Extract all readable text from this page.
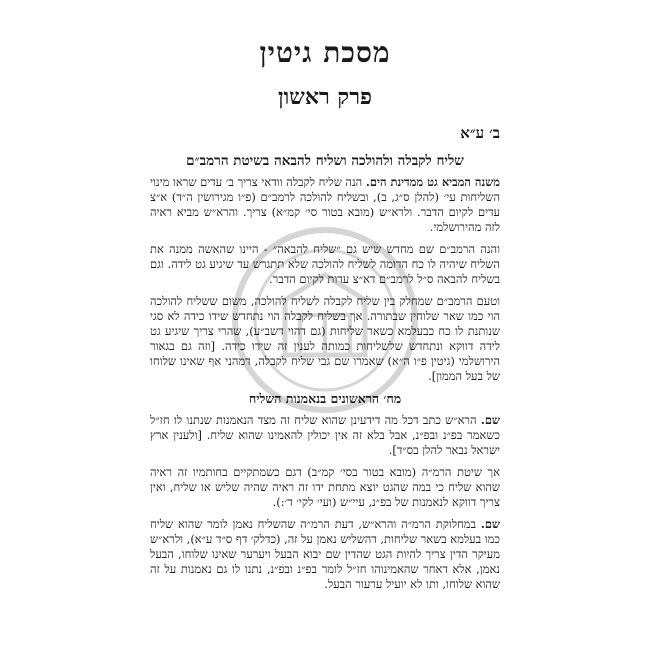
מסכת גיטין
פרק ראשון
ב׳ ע״א
שליח לקבלה ולהולכה ושליח להבאה בשיטת הרמב״ם

משנה המביא גט ממדינת הים. הנה שליח לקבלה וודאי צריך ב׳ עדים שראו מינוי השליחות עי׳ (להלן ס״ג, ב), ובשליח להולכה לרמב״ם (פ״ו מגירושין ה״ד) א״צ עדים לקיום הדבר. ולרא״ש (מובא בטור סי׳ קמ״א) צריך. והרא״ש מביא ראיה לזה מהירושלמי.

והנה הרמב״ם שם מחדש שיש גם ״שליח להבאה״ - היינו שהאשה ממנה את השליח שיהיה לו כח הדומה לשליח להולכה שלא תתגרש עד שיגיע גט לידה. וגם בשליח להבאה ס״ל לרמב״ם דא״צ עדות לקיום הדבר.

וטעם הרמב״ם שמחלק בין שליח לקבלה לשליח להולכה, משום ששליח להולכה הוי כמו שאר שלוחין שבתורה. אך בשליח לקבלה הוי נתחדש שידו כידה לא סגי שנותנת לו כח כבעלמא כשאר שליחות (גם דהוי דשב״ע), שהרי צריך שיגיע גט לידה דווקא ונתחדש שלשליחות כמותה לענין זה שידו כידה. [וזה גם בגאור הירושלמי (גיטין פ״ו ה״א) שאמרו שם גבי שליח לקבלה, דמהני אף שאינו שלוחו של בעל הממון].

מח׳ הראשונים בנאמנות השליח

שם. הרא״ש כתב דכל מה דידעינן שהוא שליח זה מצד הנאמנות שנתנו לו חז״ל כשאמר בפ״נ ובפ״נ, אבל בלא זה אין יכולין להאמינו שהוא שליח. [ולענין ארץ ישראל נבאר להלן בס״ד].

אך שיטת הרמ״ה (מובא בטור בסי׳ קמ״ב) דגם כשמתקיים בחותמיו זה ראיה שהוא שליח כי במה שהגט יוצא מתחת ידו זה ראיה שהיה שליש או שליח, ואין צריך דווקא לנאמנות של בפ״נ, עיי״ש (ועי׳ לקי׳ ד׳:).

שם. במחלוקת הרמ״ה והרא״ש, דעת הרמ״ה שהשליח נאמן לומר שהוא שליח כמו בעלמא בשאר שליחות, דהשליש נאמן על זה, (כדלק׳ דף ס״ד ע״א), ולרא״ש מעיקר הדין צריך להיות הגט שהדין שם יבוא הבעל ויערער שאינו שלוחו, הבעל נאמן, אלא דאחר שהאמינוהו חז״ל לומר בפ״נ ובפ״נ, נתנו לו גם נאמנות על זה שהוא שלוחו, ותו לא יועיל ערעור הבעל.
